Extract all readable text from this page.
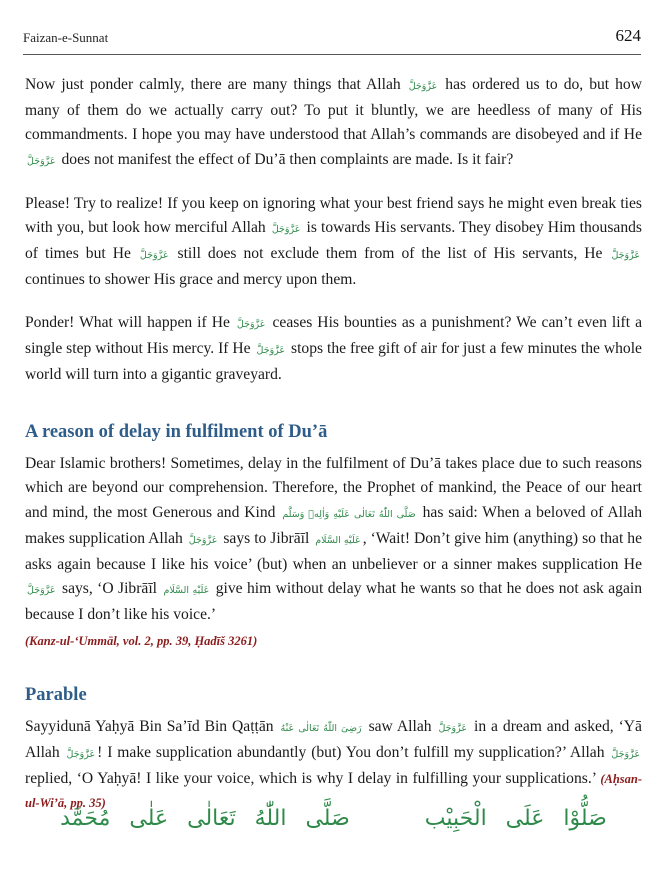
Faizan-e-Sunnat	624

Now just ponder calmly, there are many things that Allah عَزَّوَجَلَّ has ordered us to do, but how many of them do we actually carry out? To put it bluntly, we are heedless of many of His commandments. I hope you may have understood that Allah’s commands are disobeyed and if He عَزَّوَجَلَّ does not manifest the effect of Du’ā then complaints are made. Is it fair?

Please! Try to realize! If you keep on ignoring what your best friend says he might even break ties with you, but look how merciful Allah عَزَّوَجَلَّ is towards His servants. They disobey Him thousands of times but He عَزَّوَجَلَّ still does not exclude them from of the list of His servants, He عَزَّوَجَلَّ continues to shower His grace and mercy upon them.

Ponder! What will happen if He عَزَّوَجَلَّ ceases His bounties as a punishment? We can’t even lift a single step without His mercy. If He عَزَّوَجَلَّ stops the free gift of air for just a few minutes the whole world will turn into a gigantic graveyard.

A reason of delay in fulfilment of Du’ā

Dear Islamic brothers! Sometimes, delay in the fulfilment of Du’ā takes place due to such reasons which are beyond our comprehension. Therefore, the Prophet of mankind, the Peace of our heart and mind, the most Generous and Kind صَلَّى اللّٰهُ تَعَالٰى عَلَيْهِ وَاٰلِهٖ وَسَلَّم has said: When a beloved of Allah makes supplication Allah عَزَّوَجَلَّ says to Jibrāīl عَلَيْهِ السَّلَام , ‘Wait! Don’t give him (anything) so that he asks again because I like his voice’ (but) when an unbeliever or a sinner makes supplication He عَزَّوَجَلَّ says, ‘O Jibrāīl عَلَيْهِ السَّلَام give him without delay what he wants so that he does not ask again because I don’t like his voice.’

(Kanz-ul-‘Ummāl, vol. 2, pp. 39, Ḥadīš 3261)
Parable

Sayyidunā Yaḥyā Bin Sa’īd Bin Qaṭṭān رَضِىَ اللّٰهُ تَعَالٰى عَنْهُ saw Allah عَزَّوَجَلَّ in a dream and asked, ‘Yā Allah عَزَّوَجَلَّ ! I make supplication abundantly (but) You don’t fulfill my supplication?’ Allah عَزَّوَجَلَّ replied, ‘O Yaḥyā! I like your voice, which is why I delay in fulfilling your supplications.’ (Aḥsan-ul-Wi’ā, pp. 35)

صَلُّوْا عَلَى الْحَبِيْب صَلَّى اللّٰهُ تَعَالٰى عَلٰى مُحَمَّد
